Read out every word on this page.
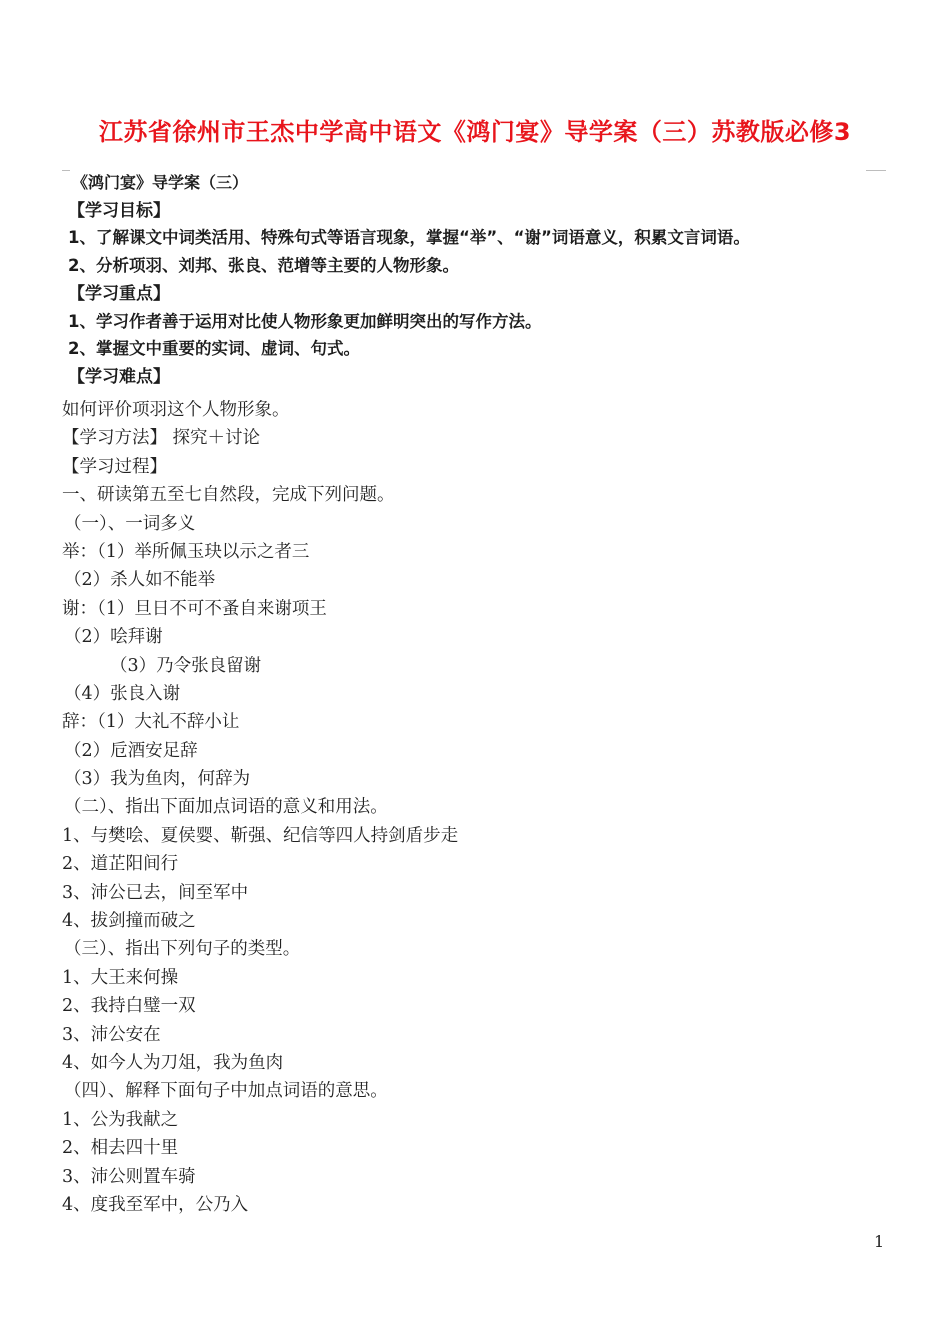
江苏省徐州市王杰中学高中语文《鸿门宴》导学案（三）苏教版必修3
《鸿门宴》导学案（三）
【学习目标】
1、了解课文中词类活用、特殊句式等语言现象，掌握“举”、“谢”词语意义，积累文言词语。
2、分析项羽、刘邦、张良、范增等主要的人物形象。
【学习重点】
1、学习作者善于运用对比使人物形象更加鲜明突出的写作方法。
2、掌握文中重要的实词、虚词、句式。
【学习难点】
如何评价项羽这个人物形象。
【学习方法】 探究＋讨论
【学习过程】
一、研读第五至七自然段，完成下列问题。
（一）、一词多义
举：（1）举所佩玉玦以示之者三
（2）杀人如不能举
谢：（1）旦日不可不蚤自来谢项王
（2）哙拜谢
（3）乃令张良留谢
（4）张良入谢
辞：（1）大礼不辞小让
（2）卮酒安足辞
（3）我为鱼肉，何辞为
（二）、指出下面加点词语的意义和用法。
1、与樊哙、夏侯婴、靳强、纪信等四人持剑盾步走
2、道芷阳间行
3、沛公已去，间至军中
4、拔剑撞而破之
（三）、指出下列句子的类型。
1、大王来何操
2、我持白璧一双
3、沛公安在
4、如今人为刀俎，我为鱼肉
（四）、解释下面句子中加点词语的意思。
1、公为我献之
2、相去四十里
3、沛公则置车骑
4、度我至军中，公乃入
1
